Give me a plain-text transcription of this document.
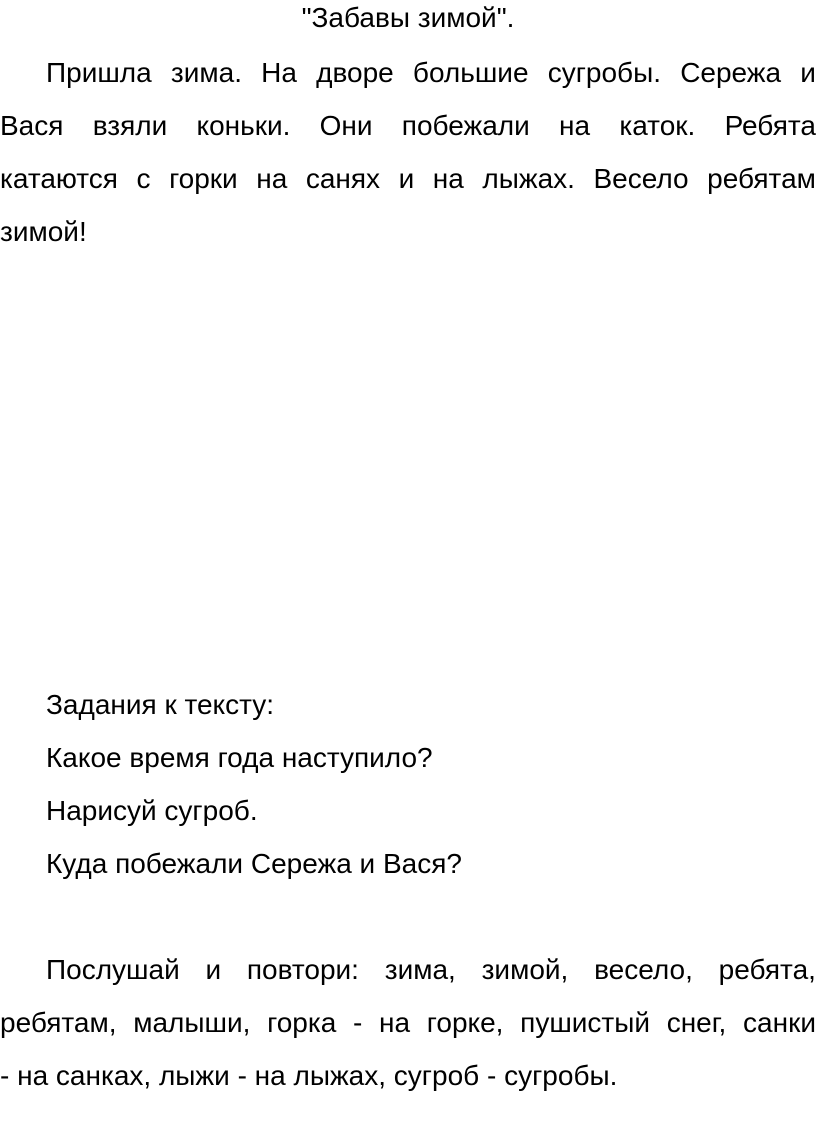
"Забавы зимой".
Пришла зима. На дворе большие сугробы. Сережа и
Вася взяли коньки. Они побежали на каток. Ребята
катаются с горки на санях и на лыжах. Весело ребятам
зимой!
Задания к тексту:
Какое время года наступило?
Нарисуй сугроб.
Куда побежали Сережа и Вася?
Послушай и повтори: зима, зимой, весело, ребята,
ребятам, малыши, горка - на горке, пушистый снег, санки
- на санках, лыжи - на лыжах, сугроб - сугробы.
